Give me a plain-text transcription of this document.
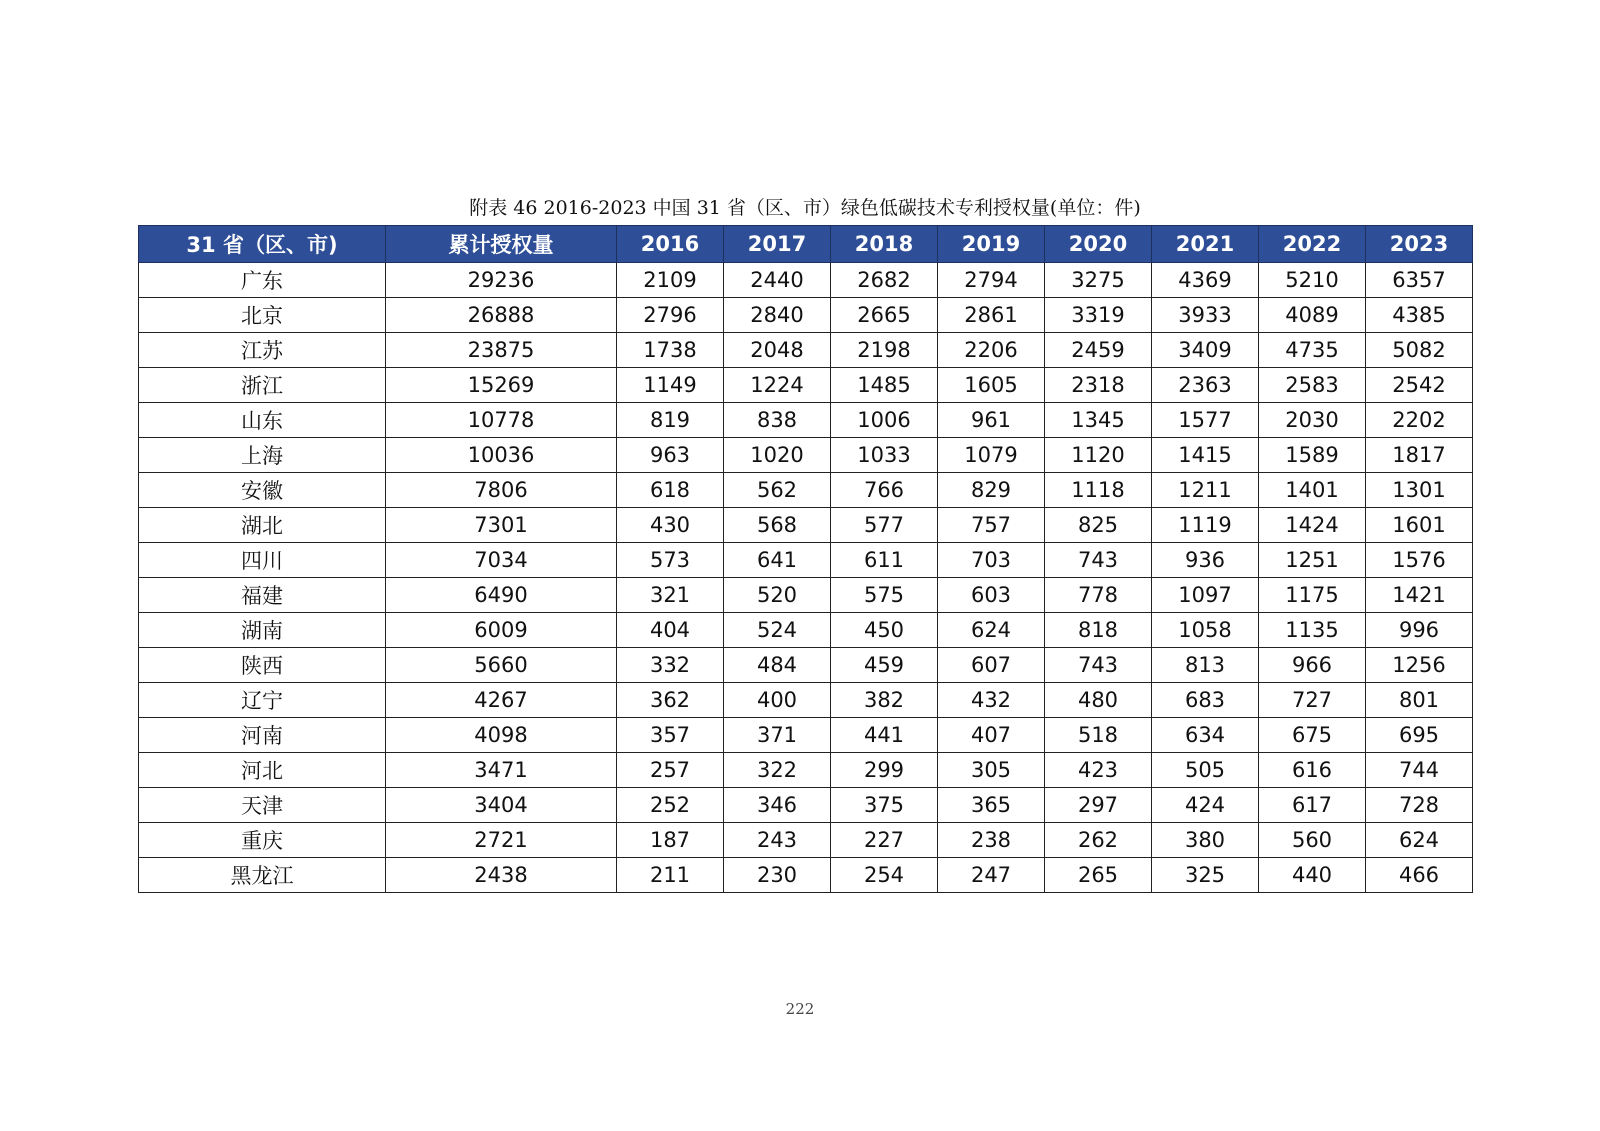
附表 46 2016-2023 中国 31 省（区、市）绿色低碳技术专利授权量(单位：件)
31 省（区、市)	累计授权量	2016	2017	2018	2019	2020	2021	2022	2023
广东	29236	2109	2440	2682	2794	3275	4369	5210	6357
北京	26888	2796	2840	2665	2861	3319	3933	4089	4385
江苏	23875	1738	2048	2198	2206	2459	3409	4735	5082
浙江	15269	1149	1224	1485	1605	2318	2363	2583	2542
山东	10778	819	838	1006	961	1345	1577	2030	2202
上海	10036	963	1020	1033	1079	1120	1415	1589	1817
安徽	7806	618	562	766	829	1118	1211	1401	1301
湖北	7301	430	568	577	757	825	1119	1424	1601
四川	7034	573	641	611	703	743	936	1251	1576
福建	6490	321	520	575	603	778	1097	1175	1421
湖南	6009	404	524	450	624	818	1058	1135	996
陕西	5660	332	484	459	607	743	813	966	1256
辽宁	4267	362	400	382	432	480	683	727	801
河南	4098	357	371	441	407	518	634	675	695
河北	3471	257	322	299	305	423	505	616	744
天津	3404	252	346	375	365	297	424	617	728
重庆	2721	187	243	227	238	262	380	560	624
黑龙江	2438	211	230	254	247	265	325	440	466
222
